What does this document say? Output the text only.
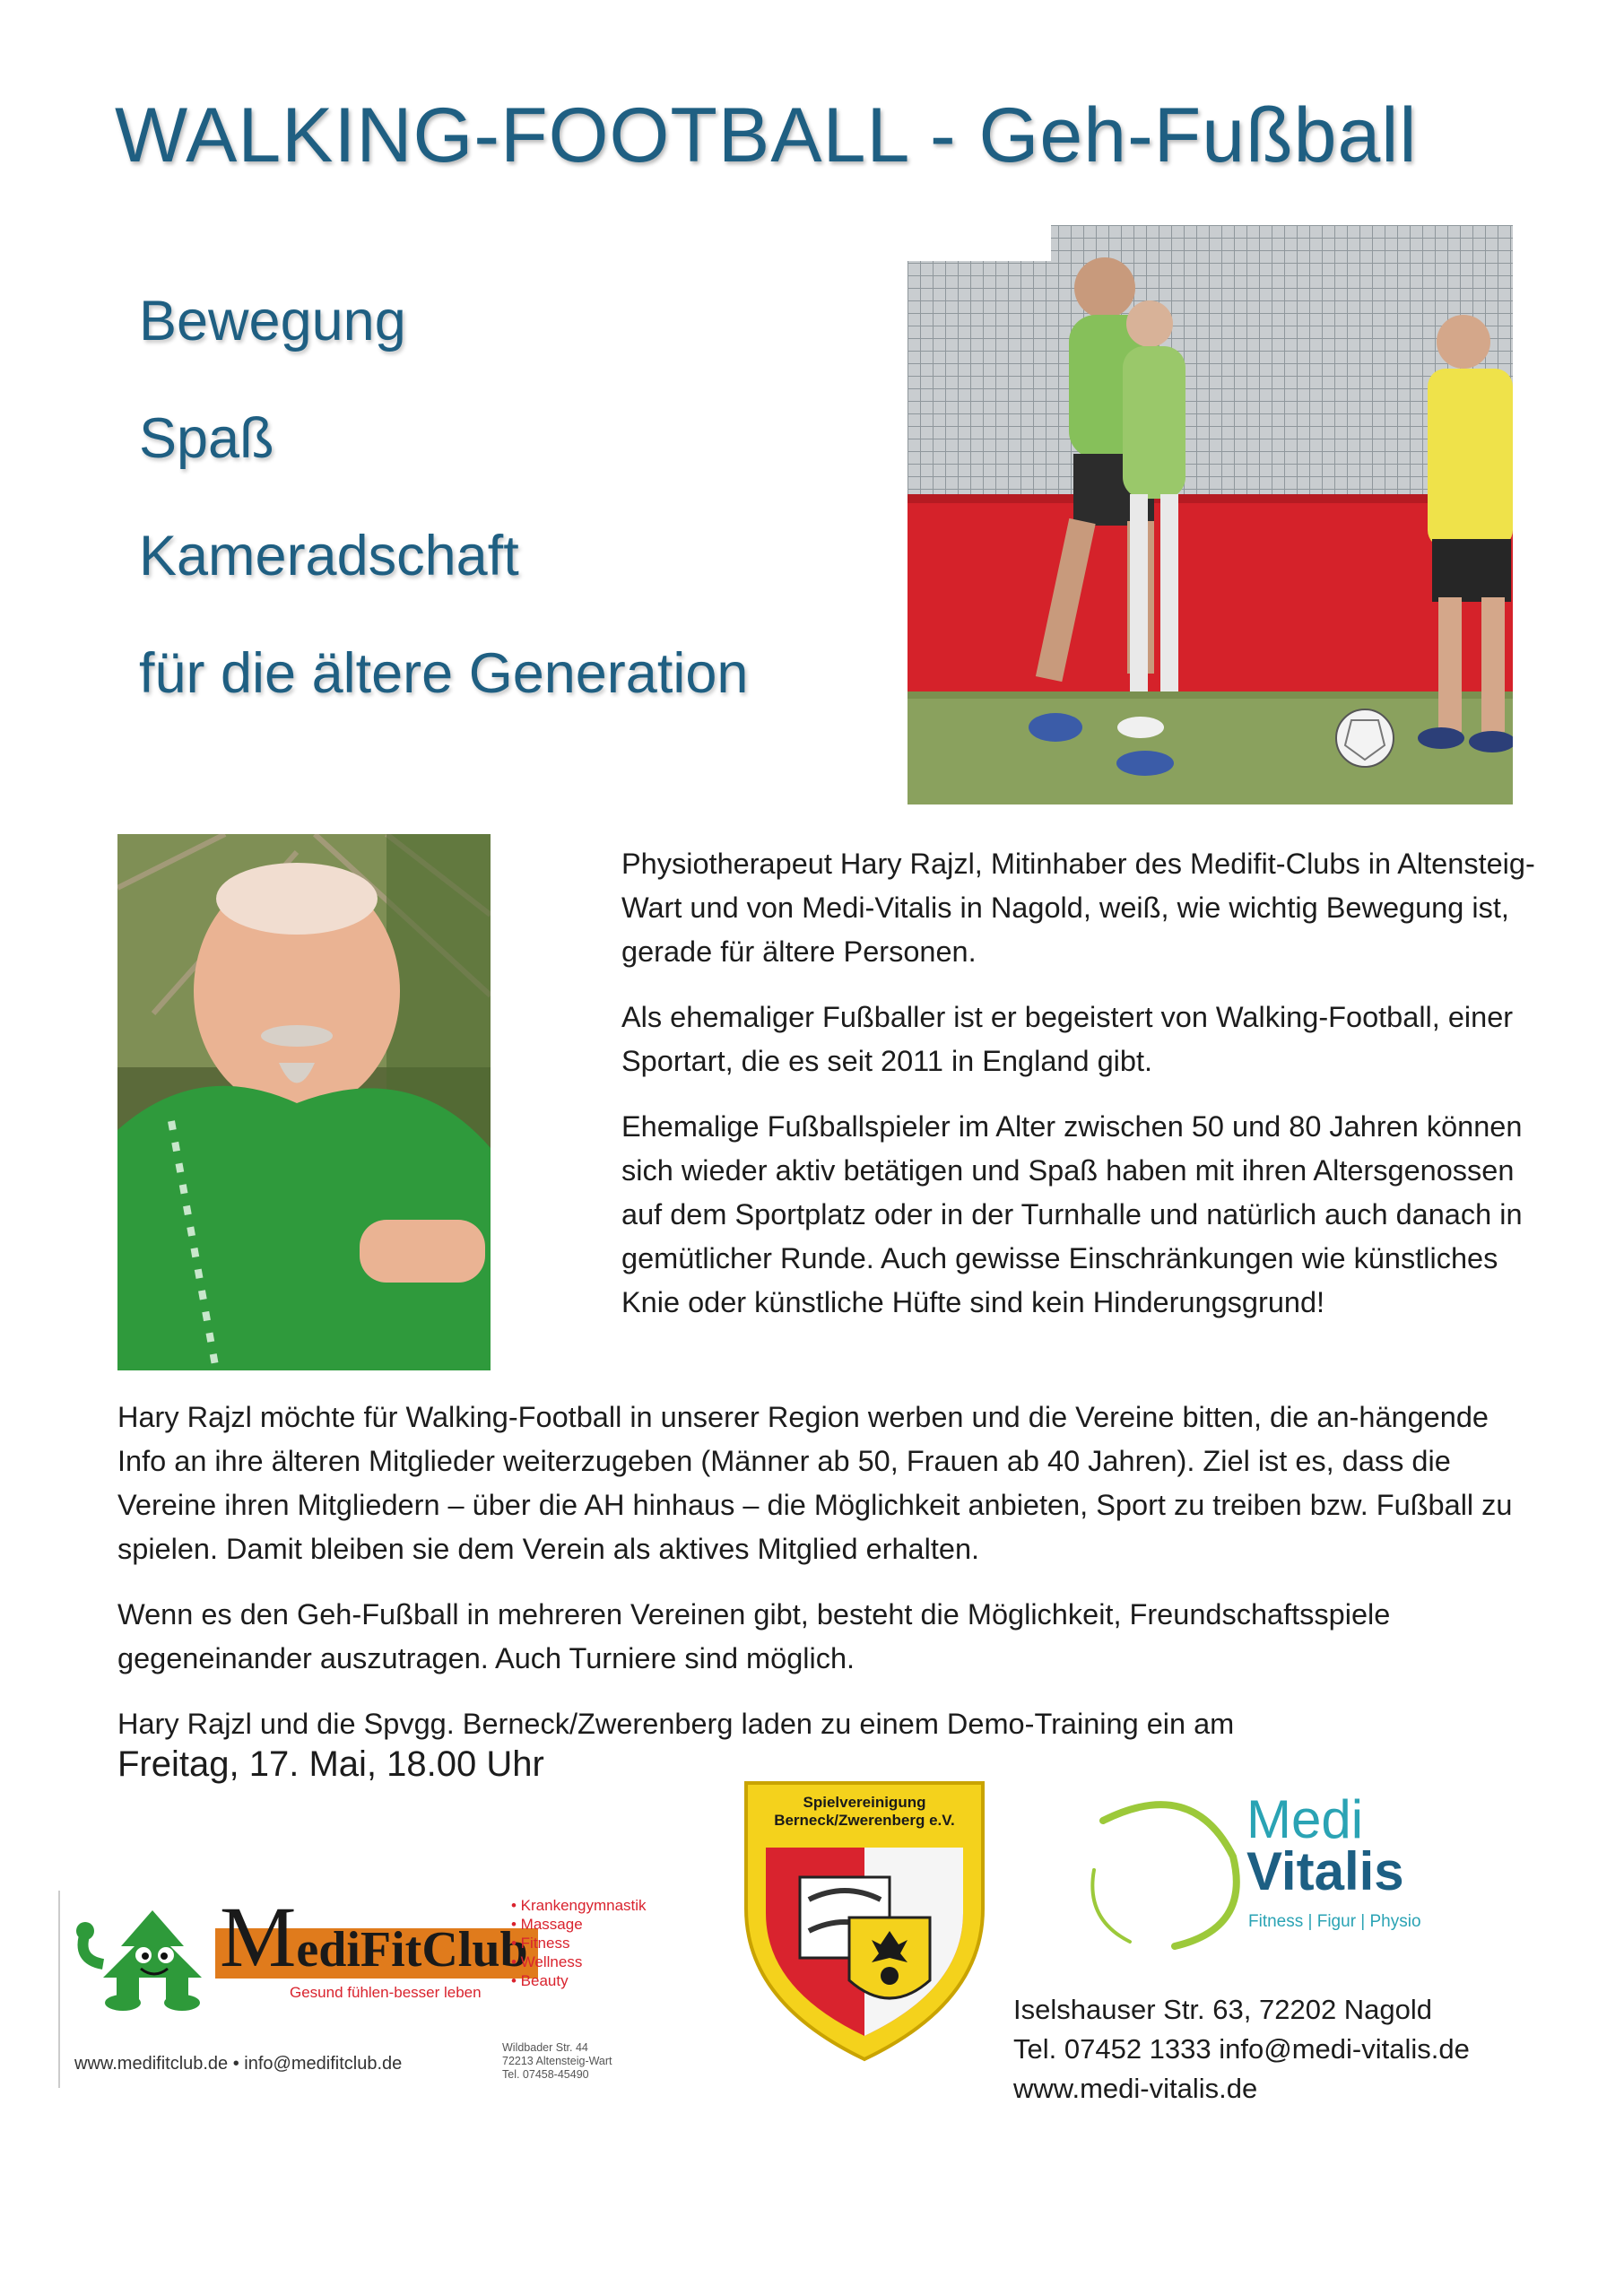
WALKING-FOOTBALL - Geh-Fußball
Bewegung
Spaß
Kameradschaft
für die ältere Generation

Physiotherapeut Hary Rajzl, Mitinhaber des Medifit-Clubs in Altensteig-Wart und von Medi-Vitalis in Nagold, weiß, wie wichtig Bewegung ist, gerade für ältere Personen.

Als ehemaliger Fußballer ist er begeistert von Walking-Football, einer Sportart, die es seit 2011 in England gibt.

Ehemalige Fußballspieler im Alter zwischen 50 und 80 Jahren können sich wieder aktiv betätigen und Spaß haben mit ihren Altersgenossen auf dem Sportplatz oder in der Turnhalle und natürlich auch danach in gemütlicher Runde. Auch gewisse Einschränkungen wie künstliches Knie oder künstliche Hüfte sind kein Hinderungsgrund!

Hary Rajzl möchte für Walking-Football in unserer Region werben und die Vereine bitten, die an-hängende Info an ihre älteren Mitglieder weiterzugeben (Männer ab 50, Frauen ab 40 Jahren). Ziel ist es, dass die Vereine ihren Mitgliedern – über die AH hinhaus – die Möglichkeit anbieten, Sport zu treiben bzw. Fußball zu spielen. Damit bleiben sie dem Verein als aktives Mitglied erhalten.

Wenn es den Geh-Fußball in mehreren Vereinen gibt, besteht die Möglichkeit, Freundschaftsspiele gegeneinander auszutragen. Auch Turniere sind möglich.

Hary Rajzl und die Spvgg. Berneck/Zwerenberg laden zu einem Demo-Training ein am

Freitag, 17. Mai, 18.00 Uhr
MediFitClub
Gesund fühlen-besser leben
• Krankengymnastik
• Massage
• Fitness
• Wellness
• Beauty
www.medifitclub.de • info@medifitclub.de
Wildbader Str. 44
72213 Altensteig-Wart
Tel. 07458-45490
Spielvereinigung
Berneck/Zwerenberg e.V.	Medi
Vitalis
Fitness | Figur | Physio
Iselshauser Str. 63, 72202 Nagold
Tel. 07452 1333 info@medi-vitalis.de
www.medi-vitalis.de
